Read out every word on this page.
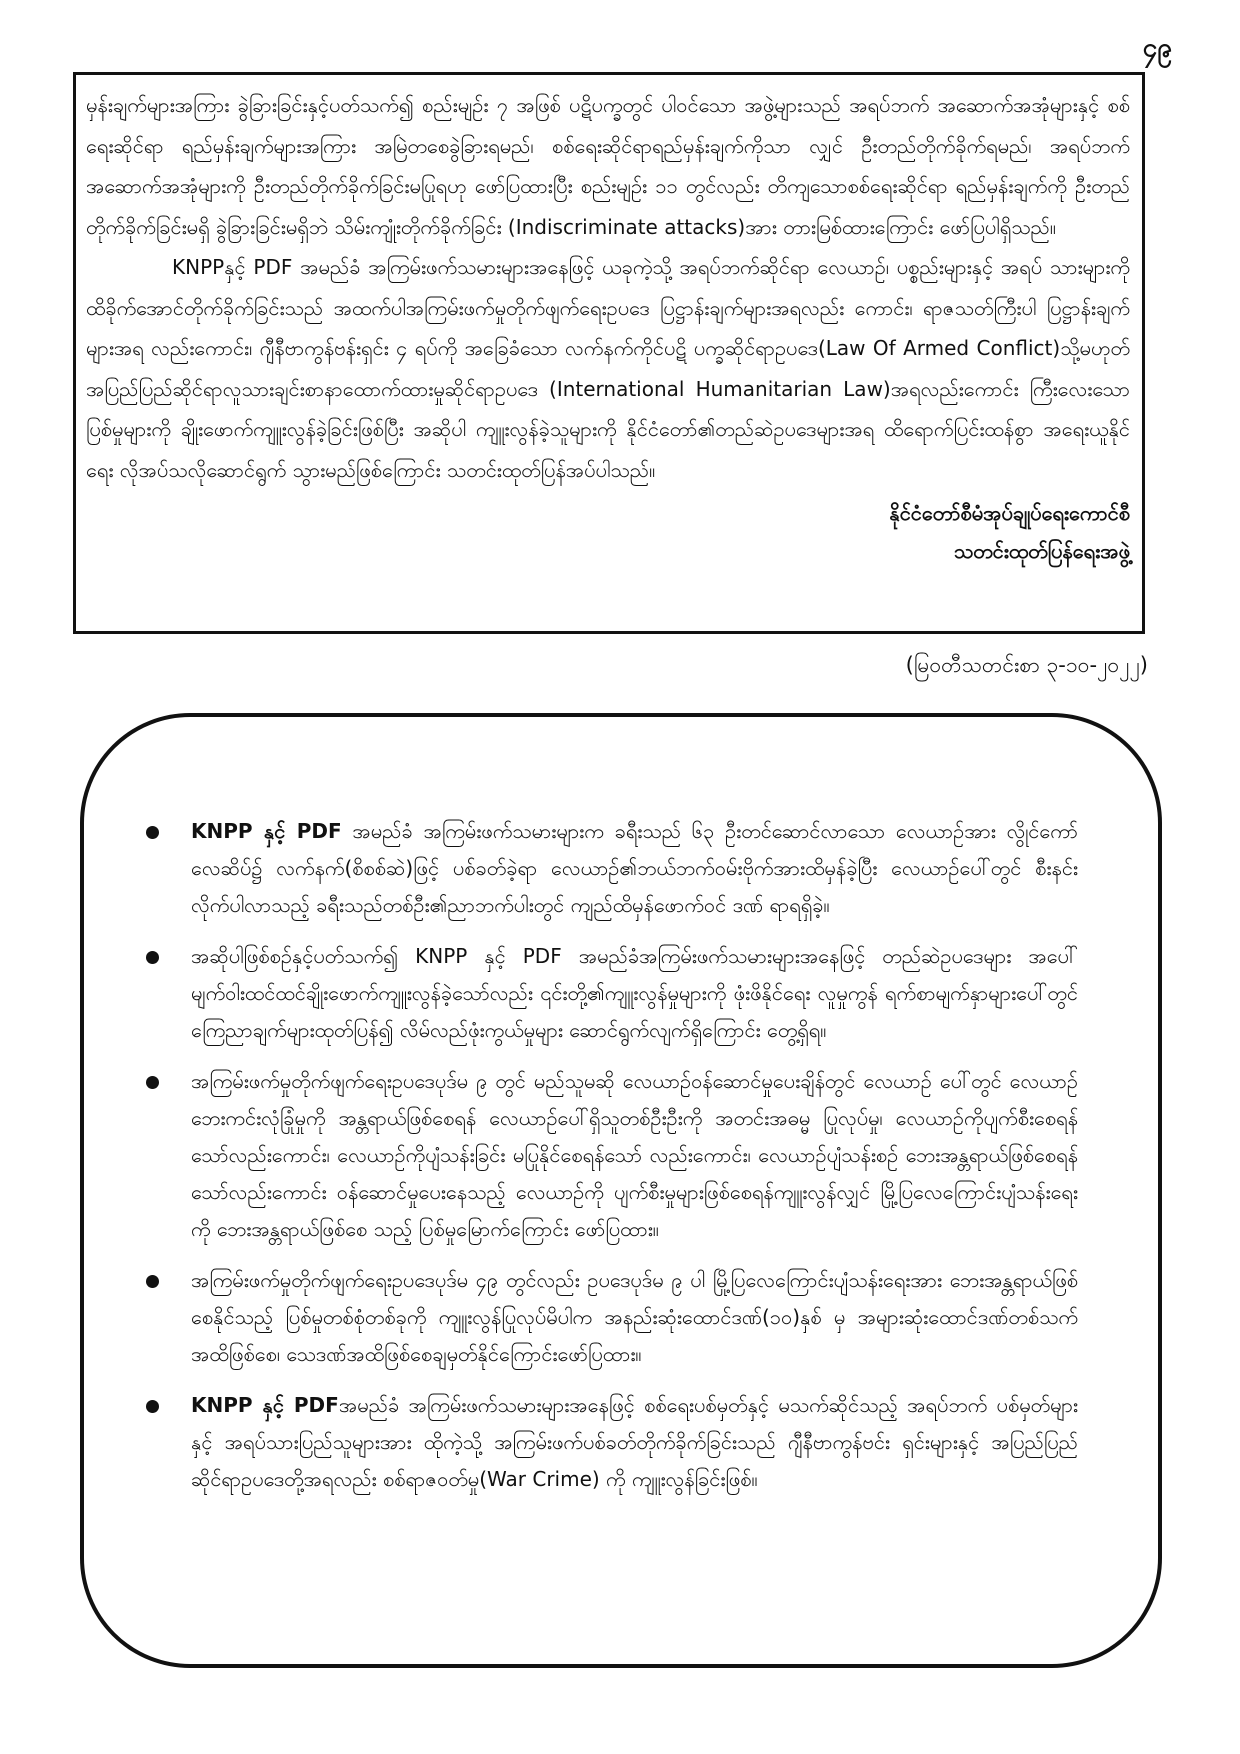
၄၉

မှန်းချက်များအကြား ခွဲခြားခြင်းနှင့်ပတ်သက်၍ စည်းမျဉ်း ၇ အဖြစ် ပဋိပက္ခတွင် ပါဝင်သော အဖွဲ့များသည် အရပ်ဘက် အဆောက်အအုံများနှင့် စစ်ရေးဆိုင်ရာ ရည်မှန်းချက်များအကြား အမြဲတစေခွဲခြားရမည်၊ စစ်ရေးဆိုင်ရာရည်မှန်းချက်ကိုသာ လျှင် ဦးတည်တိုက်ခိုက်ရမည်၊ အရပ်ဘက်အဆောက်အအုံများကို ဦးတည်တိုက်ခိုက်ခြင်းမပြုရဟု ဖော်ပြထားပြီး စည်းမျဉ်း ၁၁ တွင်လည်း တိကျသောစစ်ရေးဆိုင်ရာ ရည်မှန်းချက်ကို ဦးတည်တိုက်ခိုက်ခြင်းမရှိ ခွဲခြားခြင်းမရှိဘဲ သိမ်းကျုံးတိုက်ခိုက်ခြင်း (Indiscriminate attacks)အား တားမြစ်ထားကြောင်း ဖော်ပြပါရှိသည်။

KNPPနှင့် PDF အမည်ခံ အကြမ်းဖက်သမားများအနေဖြင့် ယခုကဲ့သို့ အရပ်ဘက်ဆိုင်ရာ လေယာဉ်၊ ပစ္စည်းများနှင့် အရပ် သားများကို ထိခိုက်အောင်တိုက်ခိုက်ခြင်းသည် အထက်ပါအကြမ်းဖက်မှုတိုက်ဖျက်ရေးဥပဒေ ပြဋ္ဌာန်းချက်များအရလည်း ကောင်း၊ ရာဇသတ်ကြီးပါ ပြဋ္ဌာန်းချက်များအရ လည်းကောင်း၊ ဂျီနီဗာကွန်ဗန်းရှင်း ၄ ရပ်ကို အခြေခံသော လက်နက်ကိုင်ပဋိ ပက္ခဆိုင်ရာဥပဒေ(Law Of Armed Conflict)သို့မဟုတ် အပြည်ပြည်ဆိုင်ရာလူသားချင်းစာနာထောက်ထားမှုဆိုင်ရာဥပဒေ (International Humanitarian Law)အရလည်းကောင်း ကြီးလေးသောပြစ်မှုများကို ချိုးဖောက်ကျူးလွန်ခဲ့ခြင်းဖြစ်ပြီး အဆိုပါ ကျူးလွန်ခဲ့သူများကို နိုင်ငံတော်၏တည်ဆဲဥပဒေများအရ ထိရောက်ပြင်းထန်စွာ အရေးယူနိုင်ရေး လိုအပ်သလိုဆောင်ရွက် သွားမည်ဖြစ်ကြောင်း သတင်းထုတ်ပြန်အပ်ပါသည်။

နိုင်ငံတော်စီမံအုပ်ချုပ်ရေးကောင်စီ
သတင်းထုတ်ပြန်ရေးအဖွဲ့
(မြဝတီသတင်းစာ ၃-၁၀-၂၀၂၂)
KNPP နှင့် PDF အမည်ခံ အကြမ်းဖက်သမားများက ခရီးသည် ၆၃ ဦးတင်ဆောင်လာသော လေယာဉ်အား လွိုင်ကော်လေဆိပ်၌ လက်နက်(စိစစ်ဆဲ)ဖြင့် ပစ်ခတ်ခဲ့ရာ လေယာဉ်၏ဘယ်ဘက်ဝမ်းဗိုက်အားထိမှန်ခဲ့ပြီး လေယာဉ်ပေါ်တွင် စီးနင်းလိုက်ပါလာသည့် ခရီးသည်တစ်ဦး၏ညာဘက်ပါးတွင် ကျည်ထိမှန်ဖောက်ဝင် ဒဏ် ရာရရှိခဲ့။
အဆိုပါဖြစ်စဉ်နှင့်ပတ်သက်၍ KNPP နှင့် PDF အမည်ခံအကြမ်းဖက်သမားများအနေဖြင့် တည်ဆဲဥပဒေများ အပေါ် မျက်ဝါးထင်ထင်ချိုးဖောက်ကျူးလွန်ခဲ့သော်လည်း ၎င်းတို့၏ကျူးလွန်မှုများကို ဖုံးဖိနိုင်ရေး လူမှုကွန် ရက်စာမျက်နှာများပေါ်တွင် ကြေညာချက်များထုတ်ပြန်၍ လိမ်လည်ဖုံးကွယ်မှုများ ဆောင်ရွက်လျက်ရှိကြောင်း တွေ့ရှိရ။
အကြမ်းဖက်မှုတိုက်ဖျက်ရေးဥပဒေပုဒ်မ ၉ တွင် မည်သူမဆို လေယာဉ်ဝန်ဆောင်မှုပေးချိန်တွင် လေယာဉ် ပေါ်တွင် လေယာဉ်ဘေးကင်းလုံခြုံမှုကို အန္တရာယ်ဖြစ်စေရန် လေယာဉ်ပေါ်ရှိသူတစ်ဦးဦးကို အတင်းအဓမ္မ ပြုလုပ်မှု၊ လေယာဉ်ကိုပျက်စီးစေရန် သော်လည်းကောင်း၊ လေယာဉ်ကိုပျံသန်းခြင်း မပြုနိုင်စေရန်သော် လည်းကောင်း၊ လေယာဉ်ပျံသန်းစဉ် ဘေးအန္တရာယ်ဖြစ်စေရန်သော်လည်းကောင်း ဝန်ဆောင်မှုပေးနေသည့် လေယာဉ်ကို ပျက်စီးမှုများဖြစ်စေရန်ကျူးလွန်လျှင် မြို့ပြလေကြောင်းပျံသန်းရေးကို ဘေးအန္တရာယ်ဖြစ်စေ သည့် ပြစ်မှုမြောက်ကြောင်း ဖော်ပြထား။
အကြမ်းဖက်မှုတိုက်ဖျက်ရေးဥပဒေပုဒ်မ ၄၉ တွင်လည်း ဥပဒေပုဒ်မ ၉ ပါ မြို့ပြလေကြောင်းပျံသန်းရေးအား ဘေးအန္တရာယ်ဖြစ်စေနိုင်သည့် ပြစ်မှုတစ်စုံတစ်ခုကို ကျူးလွန်ပြုလုပ်မိပါက အနည်းဆုံးထောင်ဒဏ်(၁၀)နှစ် မှ အများဆုံးထောင်ဒဏ်တစ်သက်အထိဖြစ်စေ၊ သေဒဏ်အထိဖြစ်စေချမှတ်နိုင်ကြောင်းဖော်ပြထား။
KNPP နှင့် PDFအမည်ခံ အကြမ်းဖက်သမားများအနေဖြင့် စစ်ရေးပစ်မှတ်နှင့် မသက်ဆိုင်သည့် အရပ်ဘက် ပစ်မှတ်များနှင့် အရပ်သားပြည်သူများအား ထိုကဲ့သို့ အကြမ်းဖက်ပစ်ခတ်တိုက်ခိုက်ခြင်းသည် ဂျီနီဗာကွန်ဗင်း ရှင်းများနှင့် အပြည်ပြည်ဆိုင်ရာဥပဒေတို့အရလည်း စစ်ရာဇဝတ်မှု(War Crime) ကို ကျူးလွန်ခြင်းဖြစ်။
